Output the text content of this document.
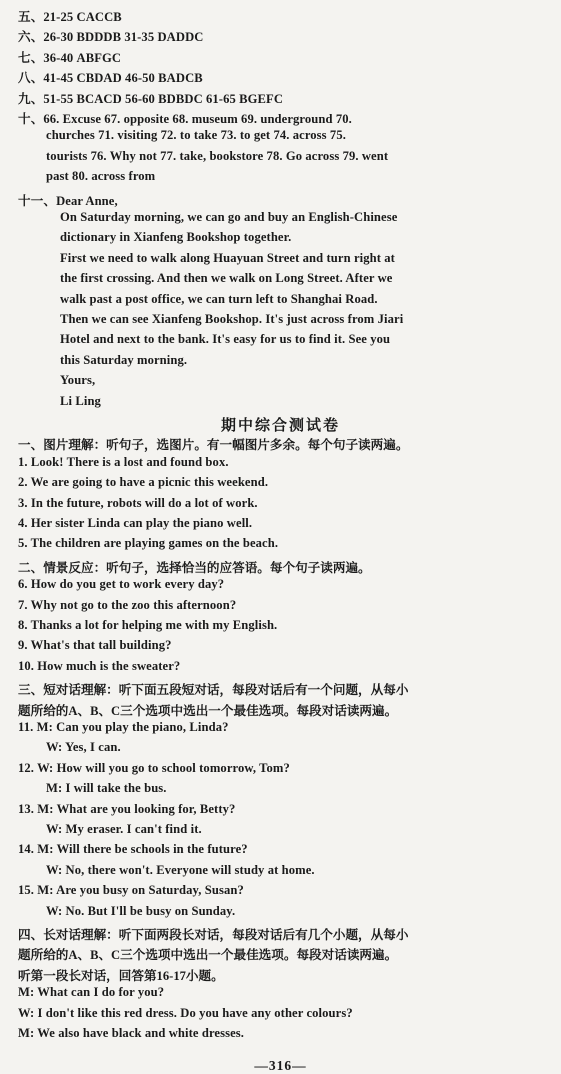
五、21-25 CACCB
六、26-30 BDDDB 31-35 DADDC
七、36-40 ABFGC
八、41-45 CBDAD 46-50 BADCB
九、51-55 BCACD 56-60 BDBDC 61-65 BGEFC
十、66. Excuse 67. opposite 68. museum 69. underground 70.
churches 71. visiting 72. to take 73. to get 74. across 75.
tourists 76. Why not 77. take, bookstore 78. Go across 79. went
past 80. across from
十一、Dear Anne,
On Saturday morning, we can go and buy an English-Chinese
dictionary in Xianfeng Bookshop together.
First we need to walk along Huayuan Street and turn right at
the first crossing. And then we walk on Long Street. After we
walk past a post office, we can turn left to Shanghai Road.
Then we can see Xianfeng Bookshop. It's just across from Jiari
Hotel and next to the bank. It's easy for us to find it. See you
this Saturday morning.
Yours,
Li Ling
期中综合测试卷
一、图片理解：听句子，选图片。有一幅图片多余。每个句子读两遍。
1. Look! There is a lost and found box.
2. We are going to have a picnic this weekend.
3. In the future, robots will do a lot of work.
4. Her sister Linda can play the piano well.
5. The children are playing games on the beach.
二、情景反应：听句子，选择恰当的应答语。每个句子读两遍。
6. How do you get to work every day?
7. Why not go to the zoo this afternoon?
8. Thanks a lot for helping me with my English.
9. What's that tall building?
10. How much is the sweater?
三、短对话理解：听下面五段短对话，每段对话后有一个问题，从每小
题所给的A、B、C三个选项中选出一个最佳选项。每段对话读两遍。
11. M: Can you play the piano, Linda?
W: Yes, I can.
12. W: How will you go to school tomorrow, Tom?
M: I will take the bus.
13. M: What are you looking for, Betty?
W: My eraser. I can't find it.
14. M: Will there be schools in the future?
W: No, there won't. Everyone will study at home.
15. M: Are you busy on Saturday, Susan?
W: No. But I'll be busy on Sunday.
四、长对话理解：听下面两段长对话，每段对话后有几个小题，从每小
题所给的A、B、C三个选项中选出一个最佳选项。每段对话读两遍。
听第一段长对话，回答第16-17小题。
M: What can I do for you?
W: I don't like this red dress. Do you have any other colours?
M: We also have black and white dresses.
—316—
